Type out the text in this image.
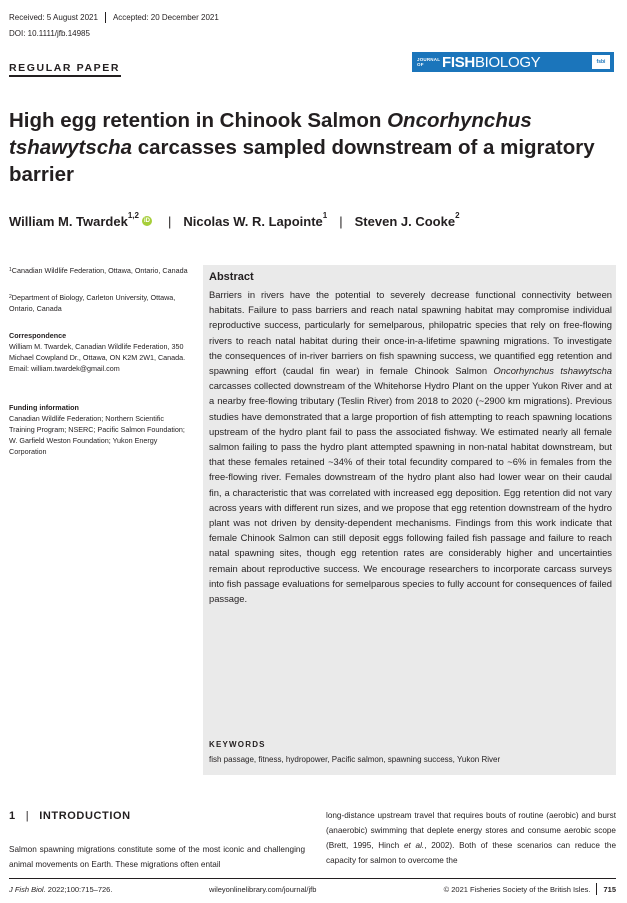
Received: 5 August 2021 Accepted: 20 December 2021
DOI: 10.1111/jfb.14985
REGULAR PAPER
JOURNAL OF	FISH BIOLOGY	fsbi
High egg retention in Chinook Salmon Oncorhynchus tshawytscha carcasses sampled downstream of a migratory barrier
William M. Twardek$^{1,2}$
iD | Nicolas W. R. Lapointe$^1$ | Steven J. Cooke$^2$
$^1$Canadian Wildlife Federation, Ottawa, Ontario, Canada
$^2$Department of Biology, Carleton University, Ottawa, Ontario, Canada
Correspondence
William M. Twardek, Canadian Wildlife Federation, 350 Michael Cowpland Dr., Ottawa, ON K2M 2W1, Canada.
Email: william.twardek@gmail.com
Funding information
Canadian Wildlife Federation; Northern Scientific Training Program; NSERC; Pacific Salmon Foundation; W. Garfield Weston Foundation; Yukon Energy Corporation
Abstract
Barriers in rivers have the potential to severely decrease functional connectivity between habitats. Failure to pass barriers and reach natal spawning habitat may compromise individual reproductive success, particularly for semelparous, philopatric species that rely on free-flowing rivers to reach natal habitat during their once-in-a-lifetime spawning migrations. To investigate the consequences of in-river barriers on fish spawning success, we quantified egg retention and spawning effort (caudal fin wear) in female Chinook Salmon Oncorhynchus tshawytscha carcasses collected downstream of the Whitehorse Hydro Plant on the upper Yukon River and at a nearby free-flowing tributary (Teslin River) from 2018 to 2020 (~2900 km migrations). Previous studies have demonstrated that a large proportion of fish attempting to reach spawning locations upstream of the hydro plant fail to pass the associated fishway. We estimated nearly all female salmon failing to pass the hydro plant attempted spawning in non-natal habitat downstream, but that these females retained ~34% of their total fecundity compared to ~6% in females from the free-flowing river. Females downstream of the hydro plant also had lower wear on their caudal fin, a characteristic that was correlated with increased egg deposition. Egg retention did not vary across years with different run sizes, and we propose that egg retention downstream of the hydro plant was not driven by density-dependent mechanisms. Findings from this work indicate that female Chinook Salmon can still deposit eggs following failed fish passage and failure to reach natal spawning sites, though egg retention rates are considerably higher and uncertainties remain about reproductive success. We encourage researchers to incorporate carcass surveys into fish passage evaluations for semelparous species to fully account for consequences of failed passage.
KEYWORDS
fish passage, fitness, hydropower, Pacific salmon, spawning success, Yukon River
1 | INTRODUCTION
Salmon spawning migrations constitute some of the most iconic and challenging animal movements on Earth. These migrations often entail
long-distance upstream travel that requires bouts of routine (aerobic) and burst (anaerobic) swimming that deplete energy stores and consume aerobic scope (Brett, 1995, Hinch et al., 2002). Both of these scenarios can reduce the capacity for salmon to overcome the
J Fish Biol. 2022;100:715–726.	wileyonlinelibrary.com/journal/jfb	© 2021 Fisheries Society of the British Isles. 715
